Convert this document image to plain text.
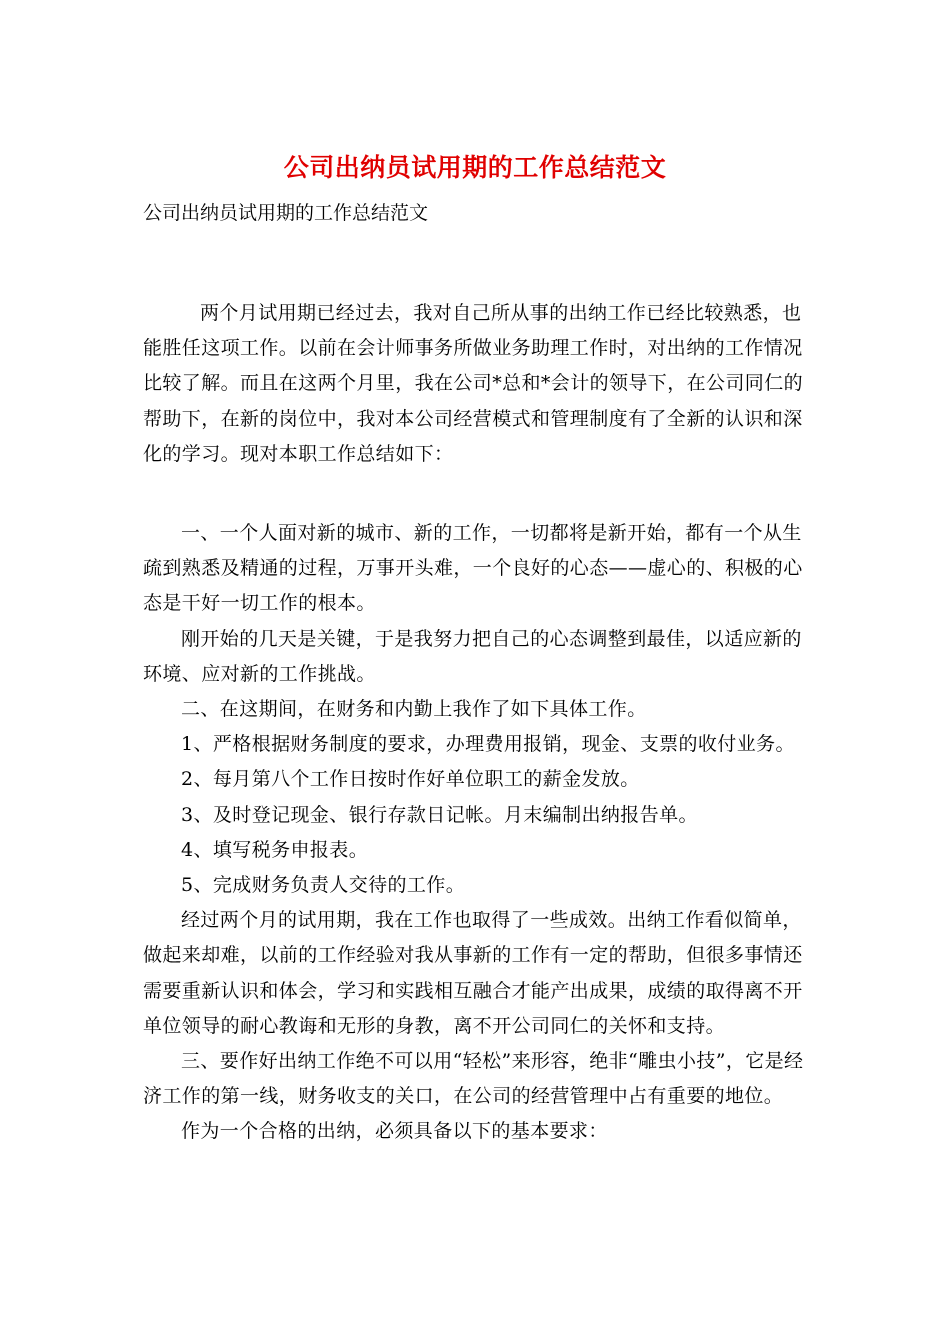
公司出纳员试用期的工作总结范文
公司出纳员试用期的工作总结范文

两个月试用期已经过去，我对自己所从事的出纳工作已经比较熟悉，也能胜任这项工作。以前在会计师事务所做业务助理工作时，对出纳的工作情况比较了解。而且在这两个月里，我在公司*总和*会计的领导下，在公司同仁的帮助下，在新的岗位中，我对本公司经营模式和管理制度有了全新的认识和深化的学习。现对本职工作总结如下：

一、一个人面对新的城市、新的工作，一切都将是新开始，都有一个从生疏到熟悉及精通的过程，万事开头难，一个良好的心态——虚心的、积极的心态是干好一切工作的根本。

刚开始的几天是关键，于是我努力把自己的心态调整到最佳，以适应新的环境、应对新的工作挑战。

二、在这期间，在财务和内勤上我作了如下具体工作。

1、严格根据财务制度的要求，办理费用报销，现金、支票的收付业务。

2、每月第八个工作日按时作好单位职工的薪金发放。

3、及时登记现金、银行存款日记帐。月末编制出纳报告单。

4、填写税务申报表。

5、完成财务负责人交待的工作。

经过两个月的试用期，我在工作也取得了一些成效。出纳工作看似简单，做起来却难，以前的工作经验对我从事新的工作有一定的帮助，但很多事情还需要重新认识和体会，学习和实践相互融合才能产出成果，成绩的取得离不开单位领导的耐心教诲和无形的身教，离不开公司同仁的关怀和支持。

三、要作好出纳工作绝不可以用“轻松”来形容，绝非“雕虫小技”，它是经济工作的第一线，财务收支的关口，在公司的经营管理中占有重要的地位。

作为一个合格的出纳，必须具备以下的基本要求：
